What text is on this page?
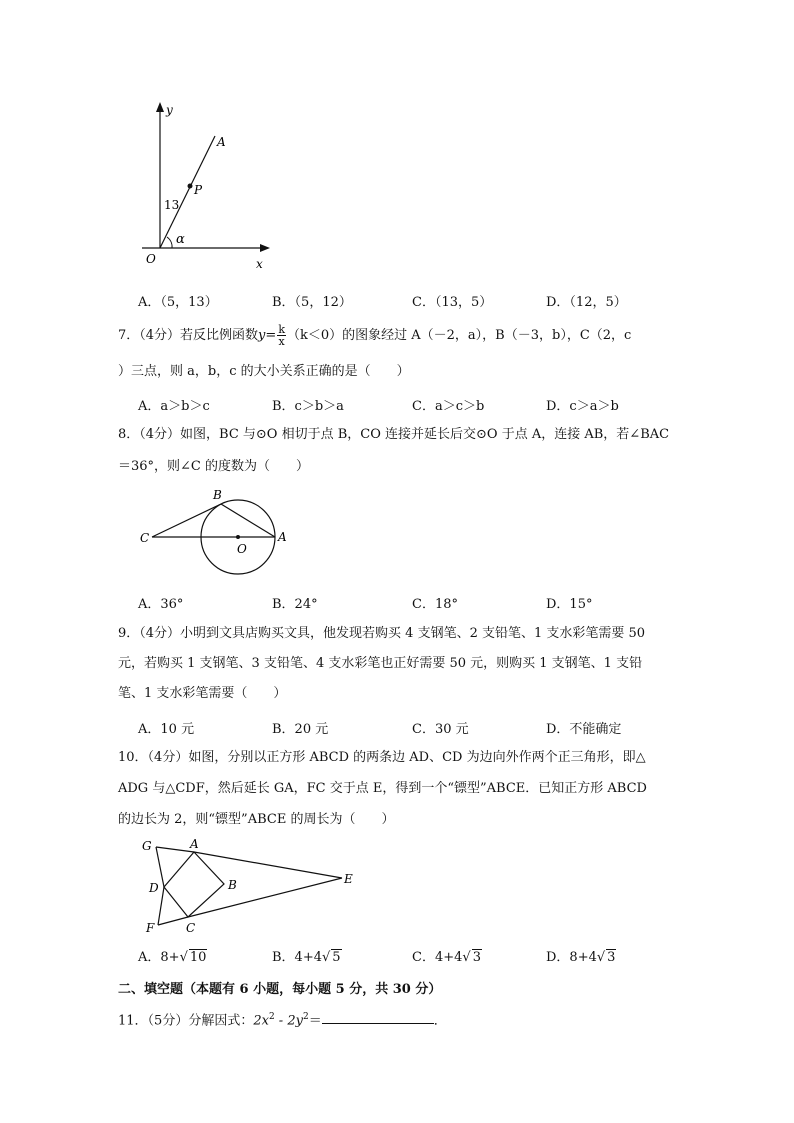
y
A
P
13
α
O	x
A．（5，13）	B．（5，12）	C．（13，5）	D．（12，5）
7．（4分）若反比例函数$y= \frac{k}{x} (k<0)$的图象经过 A（－2，a），B（－3，b），C（2，c
）三点，则 a，b，c 的大小关系正确的是（　　）
A．a＞b＞c	B．c＞b＞a	C．a＞c＞b	D．c＞a＞b
8．（4分）如图，BC 与⊙O 相切于点 B，CO 连接并延长后交⊙O 于点 A，连接 AB，若∠BAC
＝36°，则∠C 的度数为（　　）
B
C	A
O
A．36°	B．24°	C．18°	D．15°
9．（4分）小明到文具店购买文具，他发现若购买 4 支钢笔、2 支铅笔、1 支水彩笔需要 50
元，若购买 1 支钢笔、3 支铅笔、4 支水彩笔也正好需要 50 元，则购买 1 支钢笔、1 支铅
笔、1 支水彩笔需要（　　）
A．10 元	B．20 元	C．30 元	D．不能确定
10．（4分）如图，分别以正方形 ABCD 的两条边 AD、CD 为边向外作两个正三角形，即△
ADG 与△CDF，然后延长 GA，FC 交于点 E，得到一个“镖型”ABCE．已知正方形 ABCD
的边长为 2，则“镖型”ABCE 的周长为（　　）
G	A
D	B	E
F	C
A．8+√ 10	B．4+4√ 5	C．4+4√ 3	D．8+4√ 3
二、填空题（本题有 6 小题，每小题 5 分，共 30 分）
11．（5分）分解因式：$2x^2 - 2y^2=$	．
